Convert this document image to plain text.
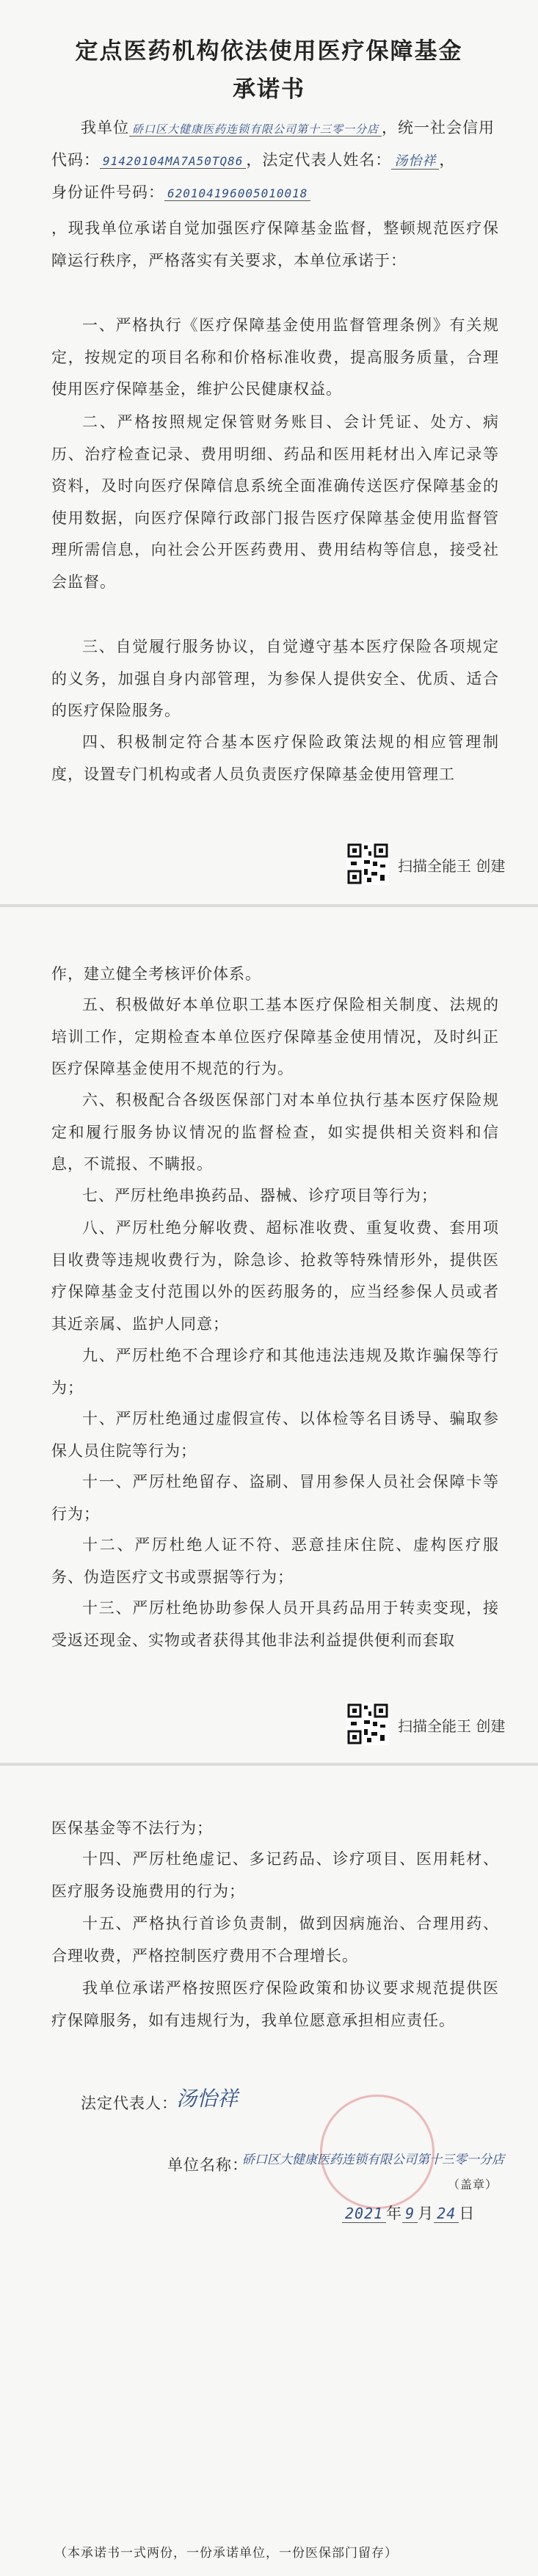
定点医药机构依法使用医疗保障基金
承诺书
我单位 硚口区大健康医药连锁有限公司第十三零一分店 ，统一社会信用
代码： 91420104MA7A50TQ86 ，法定代表人姓名： 汤怡祥 ，
身份证件号码： 620104196005010018

，现我单位承诺自觉加强医疗保障基金监督，整顿规范医疗保障运行秩序，严格落实有关要求，本单位承诺于：

一、严格执行《医疗保障基金使用监督管理条例》有关规定，按规定的项目名称和价格标准收费，提高服务质量，合理使用医疗保障基金，维护公民健康权益。

二、严格按照规定保管财务账目、会计凭证、处方、病历、治疗检查记录、费用明细、药品和医用耗材出入库记录等资料，及时向医疗保障信息系统全面准确传送医疗保障基金的使用数据，向医疗保障行政部门报告医疗保障基金使用监督管理所需信息，向社会公开医药费用、费用结构等信息，接受社会监督。

三、自觉履行服务协议，自觉遵守基本医疗保险各项规定的义务，加强自身内部管理，为参保人提供安全、优质、适合的医疗保险服务。

四、积极制定符合基本医疗保险政策法规的相应管理制度，设置专门机构或者人员负责医疗保障基金使用管理工

扫描全能王 创建

作，建立健全考核评价体系。

五、积极做好本单位职工基本医疗保险相关制度、法规的培训工作，定期检查本单位医疗保障基金使用情况，及时纠正医疗保障基金使用不规范的行为。

六、积极配合各级医保部门对本单位执行基本医疗保险规定和履行服务协议情况的监督检查，如实提供相关资料和信息，不谎报、不瞒报。

七、严厉杜绝串换药品、器械、诊疗项目等行为；

八、严厉杜绝分解收费、超标准收费、重复收费、套用项目收费等违规收费行为，除急诊、抢救等特殊情形外，提供医疗保障基金支付范围以外的医药服务的，应当经参保人员或者其近亲属、监护人同意；

九、严厉杜绝不合理诊疗和其他违法违规及欺诈骗保等行为；

十、严厉杜绝通过虚假宣传、以体检等名目诱导、骗取参保人员住院等行为；

十一、严厉杜绝留存、盗刷、冒用参保人员社会保障卡等行为；

十二、严厉杜绝人证不符、恶意挂床住院、虚构医疗服务、伪造医疗文书或票据等行为；

十三、严厉杜绝协助参保人员开具药品用于转卖变现，接受返还现金、实物或者获得其他非法利益提供便利而套取

扫描全能王 创建

医保基金等不法行为；

十四、严厉杜绝虚记、多记药品、诊疗项目、医用耗材、医疗服务设施费用的行为；

十五、严格执行首诊负责制，做到因病施治、合理用药、合理收费，严格控制医疗费用不合理增长。

我单位承诺严格按照医疗保险政策和协议要求规范提供医疗保障服务，如有违规行为，我单位愿意承担相应责任。

法定代表人：
汤怡祥
单位名称：
硚口区大健康医药连锁有限公司第十三零一分店
（盖章）
2021 年 9 月 24 日
（本承诺书一式两份，一份承诺单位，一份医保部门留存）
